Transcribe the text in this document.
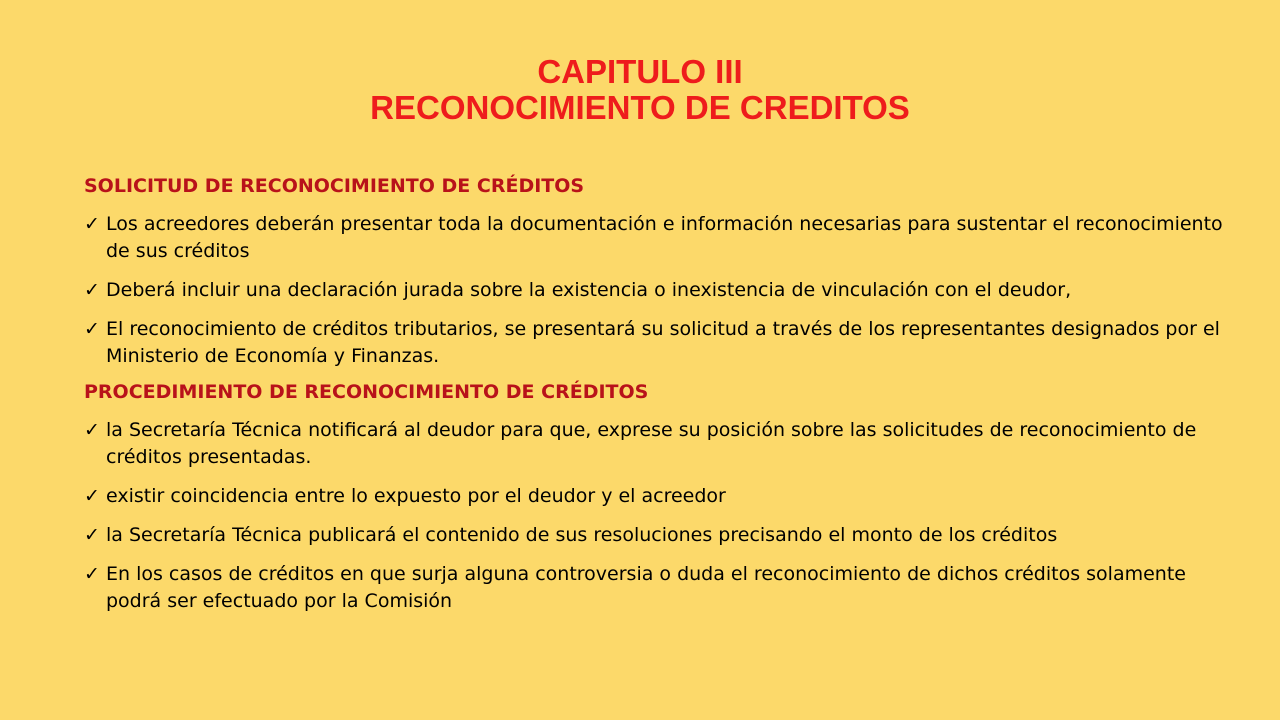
CAPITULO III
RECONOCIMIENTO DE CREDITOS
SOLICITUD DE RECONOCIMIENTO DE CRÉDITOS
✓ Los acreedores deberán presentar toda la documentación e información necesarias para sustentar el reconocimiento de sus créditos
✓ Deberá incluir una declaración jurada sobre la existencia o inexistencia de vinculación con el deudor,
✓ El reconocimiento de créditos tributarios, se presentará su solicitud a través de los representantes designados por el Ministerio de Economía y Finanzas.
PROCEDIMIENTO DE RECONOCIMIENTO DE CRÉDITOS
✓ la Secretaría Técnica notificará al deudor para que, exprese su posición sobre las solicitudes de reconocimiento de créditos presentadas.
✓ existir coincidencia entre lo expuesto por el deudor y el acreedor
✓ la Secretaría Técnica publicará el contenido de sus resoluciones precisando el monto de los créditos
✓ En los casos de créditos en que surja alguna controversia o duda el reconocimiento de dichos créditos solamente podrá ser efectuado por la Comisión
